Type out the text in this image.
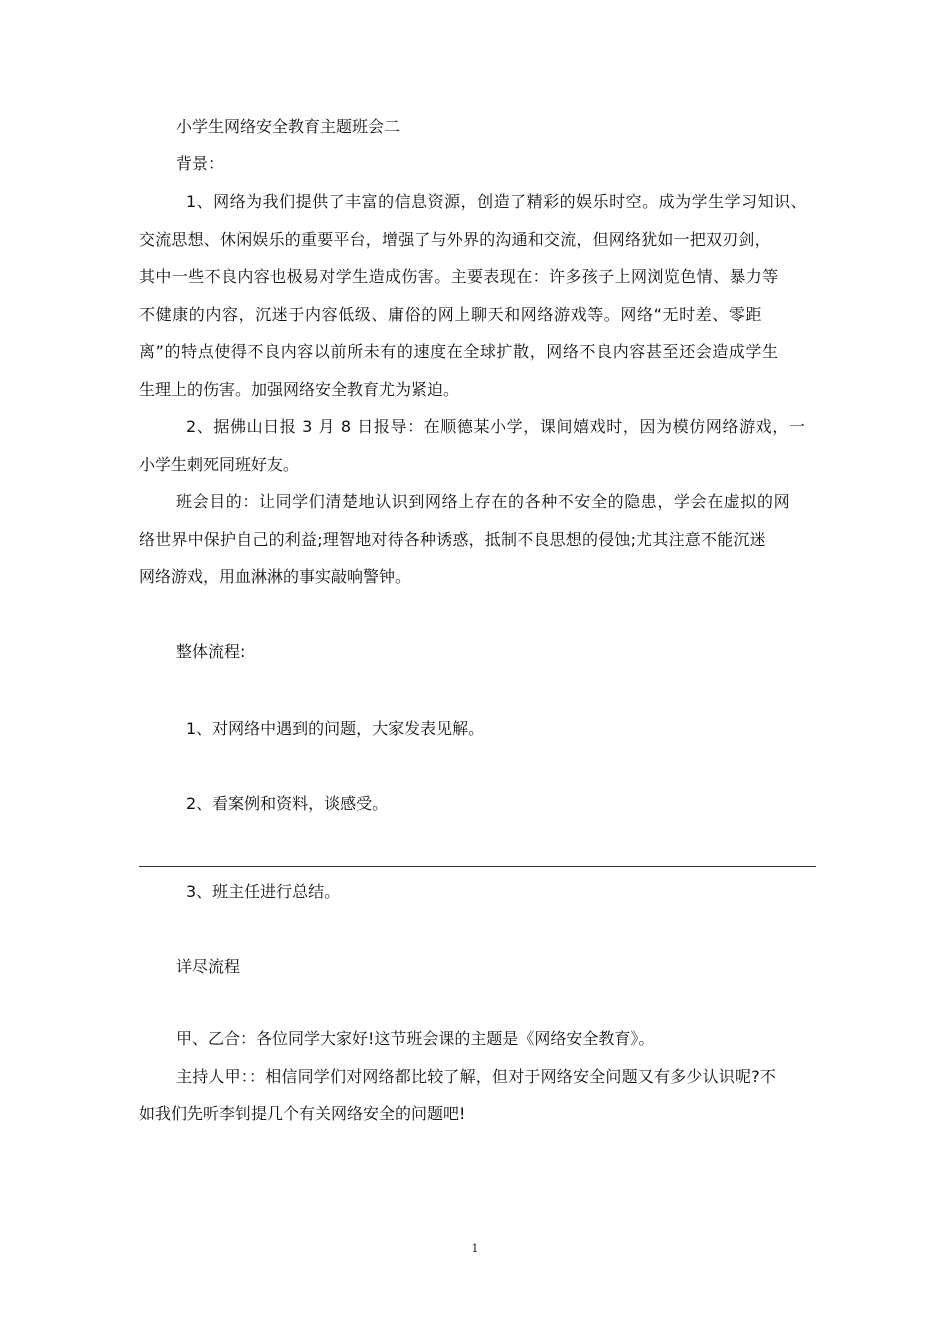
小学生网络安全教育主题班会二
背景：
1、网络为我们提供了丰富的信息资源，创造了精彩的娱乐时空。成为学生学习知识、
交流思想、休闲娱乐的重要平台，增强了与外界的沟通和交流，但网络犹如一把双刃剑，
其中一些不良内容也极易对学生造成伤害。主要表现在：许多孩子上网浏览色情、暴力等
不健康的内容，沉迷于内容低级、庸俗的网上聊天和网络游戏等。网络“无时差、零距
离”的特点使得不良内容以前所未有的速度在全球扩散，网络不良内容甚至还会造成学生
生理上的伤害。加强网络安全教育尤为紧迫。
2、据佛山日报 3 月 8 日报导：在顺德某小学，课间嬉戏时，因为模仿网络游戏，一
小学生刺死同班好友。
班会目的：让同学们清楚地认识到网络上存在的各种不安全的隐患，学会在虚拟的网
络世界中保护自己的利益;理智地对待各种诱惑，抵制不良思想的侵蚀;尤其注意不能沉迷
网络游戏，用血淋淋的事实敲响警钟。
整体流程:
1、对网络中遇到的问题，大家发表见解。
2、看案例和资料，谈感受。
3、班主任进行总结。
详尽流程
甲、乙合：各位同学大家好!这节班会课的主题是《网络安全教育》。
主持人甲：：相信同学们对网络都比较了解，但对于网络安全问题又有多少认识呢?不
如我们先听李钊提几个有关网络安全的问题吧!
1
